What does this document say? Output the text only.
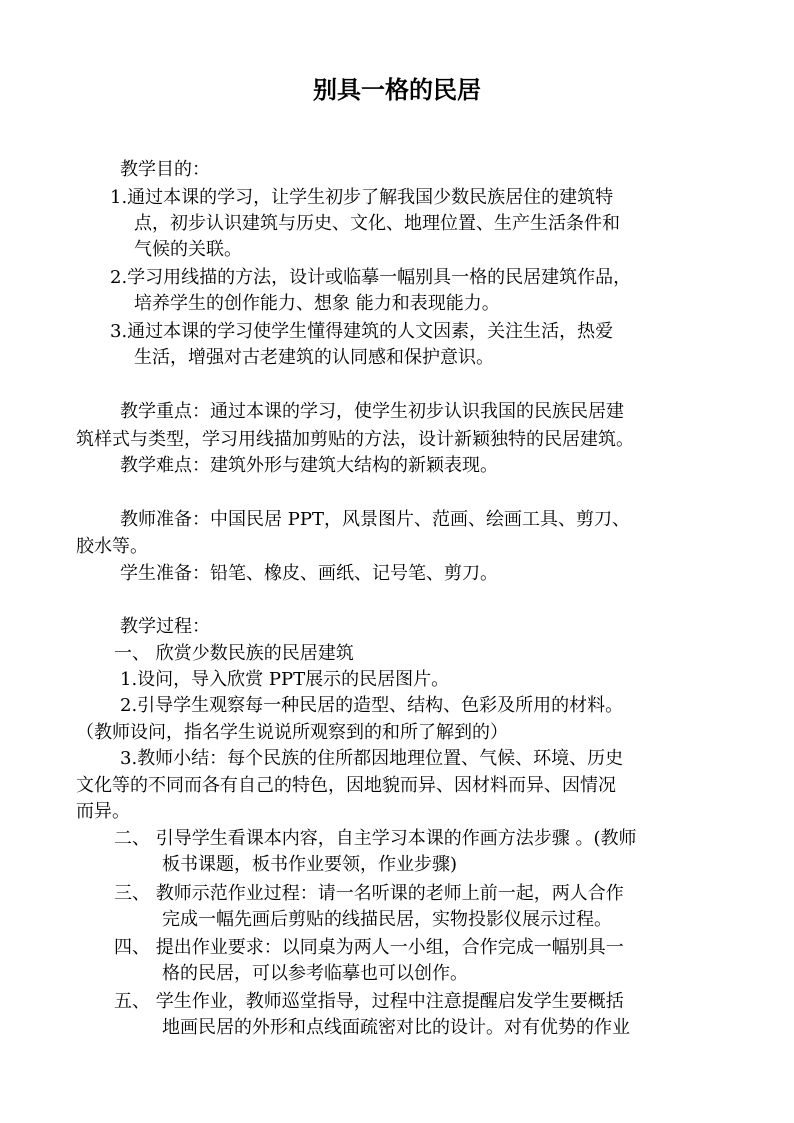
别具一格的民居
教学目的：
1.通过本课的学习，让学生初步了解我国少数民族居住的建筑特
点，初步认识建筑与历史、文化、地理位置、生产生活条件和
气候的关联。
2.学习用线描的方法，设计或临摹一幅别具一格的民居建筑作品，
培养学生的创作能力、想象 能力和表现能力。
3.通过本课的学习使学生懂得建筑的人文因素，关注生活，热爱
生活，增强对古老建筑的认同感和保护意识。
教学重点：通过本课的学习，使学生初步认识我国的民族民居建
筑样式与类型，学习用线描加剪贴的方法，设计新颖独特的民居建筑。
教学难点：建筑外形与建筑大结构的新颖表现。
教师准备：中国民居 PPT，风景图片、范画、绘画工具、剪刀、
胶水等。
学生准备：铅笔、橡皮、画纸、记号笔、剪刀。
教学过程：
一、 欣赏少数民族的民居建筑
1.设问，导入欣赏 PPT展示的民居图片。
2.引导学生观察每一种民居的造型、结构、色彩及所用的材料。
（教师设问，指名学生说说所观察到的和所了解到的）
3.教师小结：每个民族的住所都因地理位置、气候、环境、历史
文化等的不同而各有自己的特色，因地貌而异、因材料而异、因情况
而异。
二、 引导学生看课本内容，自主学习本课的作画方法步骤 。(教师
板书课题，板书作业要领，作业步骤)
三、 教师示范作业过程：请一名听课的老师上前一起，两人合作
完成一幅先画后剪贴的线描民居，实物投影仪展示过程。
四、 提出作业要求：以同桌为两人一小组，合作完成一幅别具一
格的民居，可以参考临摹也可以创作。
五、 学生作业，教师巡堂指导，过程中注意提醒启发学生要概括
地画民居的外形和点线面疏密对比的设计。对有优势的作业
